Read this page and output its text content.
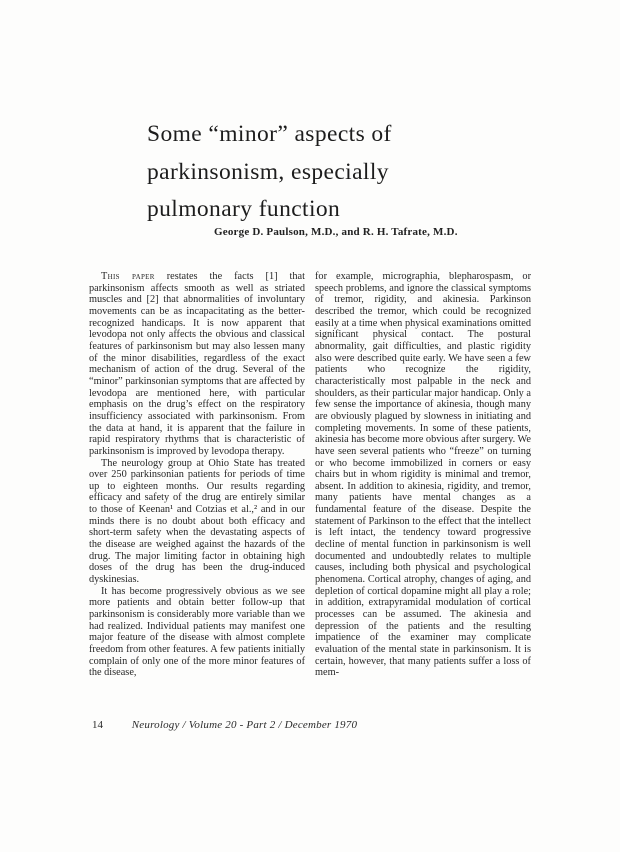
Some “minor” aspects of
parkinsonism, especially
pulmonary function
George D. Paulson, M.D., and R. H. Tafrate, M.D.

This paper restates the facts [1] that parkinsonism affects smooth as well as striated muscles and [2] that abnormalities of involuntary movements can be as incapacitating as the better-recognized handicaps. It is now apparent that levodopa not only affects the obvious and classical features of parkinsonism but may also lessen many of the minor disabilities, regardless of the exact mechanism of action of the drug. Several of the “minor” parkinsonian symptoms that are affected by levodopa are mentioned here, with particular emphasis on the drug’s effect on the respiratory insufficiency associated with parkinsonism. From the data at hand, it is apparent that the failure in rapid respiratory rhythms that is characteristic of parkinsonism is improved by levodopa therapy.

The neurology group at Ohio State has treated over 250 parkinsonian patients for periods of time up to eighteen months. Our results regarding efficacy and safety of the drug are entirely similar to those of Keenan¹ and Cotzias et al.,² and in our minds there is no doubt about both efficacy and short-term safety when the devastating aspects of the disease are weighed against the hazards of the drug. The major limiting factor in obtaining high doses of the drug has been the drug-induced dyskinesias.

It has become progressively obvious as we see more patients and obtain better follow-up that parkinsonism is considerably more variable than we had realized. Individual patients may manifest one major feature of the disease with almost complete freedom from other features. A few patients initially complain of only one of the more minor features of the disease,

for example, micrographia, blepharospasm, or speech problems, and ignore the classical symptoms of tremor, rigidity, and akinesia. Parkinson described the tremor, which could be recognized easily at a time when physical examinations omitted significant physical contact. The postural abnormality, gait difficulties, and plastic rigidity also were described quite early. We have seen a few patients who recognize the rigidity, characteristically most palpable in the neck and shoulders, as their particular major handicap. Only a few sense the importance of akinesia, though many are obviously plagued by slowness in initiating and completing movements. In some of these patients, akinesia has become more obvious after surgery. We have seen several patients who “freeze” on turning or who become immobilized in corners or easy chairs but in whom rigidity is minimal and tremor, absent. In addition to akinesia, rigidity, and tremor, many patients have mental changes as a fundamental feature of the disease. Despite the statement of Parkinson to the effect that the intellect is left intact, the tendency toward progressive decline of mental function in parkinsonism is well documented and undoubtedly relates to multiple causes, including both physical and psychological phenomena. Cortical atrophy, changes of aging, and depletion of cortical dopamine might all play a role; in addition, extrapyramidal modulation of cortical processes can be assumed. The akinesia and depression of the patients and the resulting impatience of the examiner may complicate evaluation of the mental state in parkinsonism. It is certain, however, that many patients suffer a loss of mem-

14	Neurology / Volume 20 - Part 2 / December 1970
